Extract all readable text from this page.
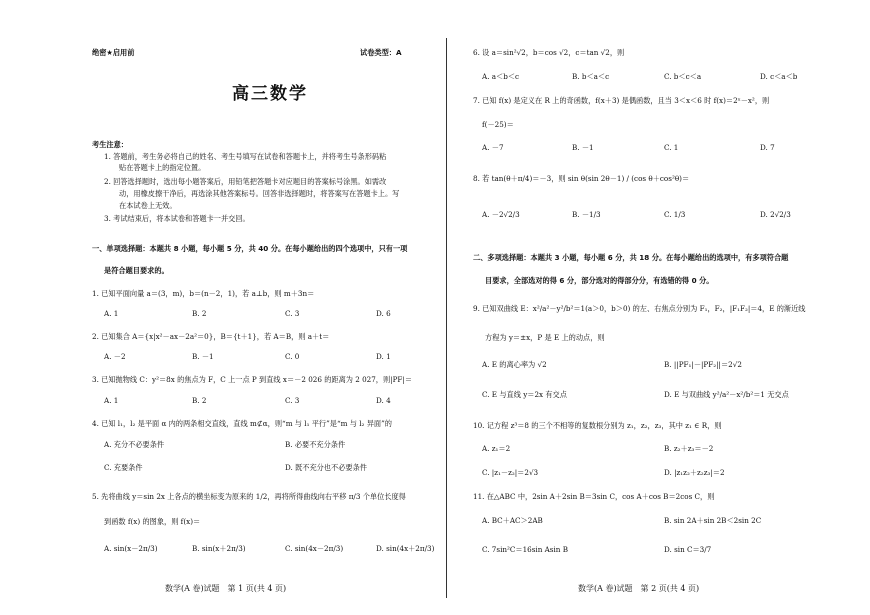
绝密★启用前	试卷类型：A
高三数学
考生注意：
1. 答题前，考生务必将自己的姓名、考生号填写在试卷和答题卡上，并将考生号条形码粘
贴在答题卡上的指定位置。
2. 回答选择题时，选出每小题答案后，用铅笔把答题卡对应题目的答案标号涂黑。如需改
动，用橡皮擦干净后，再选涂其他答案标号。回答非选择题时，将答案写在答题卡上。写
在本试卷上无效。
3. 考试结束后，将本试卷和答题卡一并交回。
一、单项选择题：本题共 8 小题，每小题 5 分，共 40 分。在每小题给出的四个选项中，只有一项
是符合题目要求的。
1. 已知平面向量 a＝(3，m)，b＝(n－2，1)，若 a⊥b，则 m＋3n＝
A. 1	B. 2	C. 3	D. 6
2. 已知集合 A＝{x|x²－ax－2a²＝0}，B＝{t＋1}，若 A＝B，则 a＋t＝
A. －2	B. －1	C. 0	D. 1
3. 已知抛物线 C：y²＝8x 的焦点为 F，C 上一点 P 到直线 x＝－2 026 的距离为 2 027，则|PF|＝
A. 1	B. 2	C. 3	D. 4
4. 已知 l₁，l₂ 是平面 α 内的两条相交直线，直线 m⊄α，则“m 与 l₁ 平行”是“m 与 l₂ 异面”的
A. 充分不必要条件	B. 必要不充分条件
C. 充要条件	D. 既不充分也不必要条件
5. 先将曲线 y＝sin 2x 上各点的横坐标变为原来的 1/2，再将所得曲线向右平移 π/3 个单位长度得
到函数 f(x) 的图象，则 f(x)＝
A. sin(x－2π/3)	B. sin(x＋2π/3)	C. sin(4x－2π/3)	D. sin(4x＋2π/3)
数学(A 卷)试题　第 1 页(共 4 页)
6. 设 a＝sin²√2，b＝cos √2，c＝tan √2，则
A. a＜b＜c	B. b＜a＜c	C. b＜c＜a	D. c＜a＜b
7. 已知 f(x) 是定义在 R 上的奇函数，f(x＋3) 是偶函数，且当 3＜x＜6 时 f(x)＝2ˣ－x²，则
f(－25)＝
A. －7	B. －1	C. 1	D. 7
8. 若 tan(θ＋π/4)＝－3，则 sin θ(sin 2θ－1) / (cos θ＋cos²θ)＝
A. －2√2/3	B. －1/3	C. 1/3	D. 2√2/3
二、多项选择题：本题共 3 小题，每小题 6 分，共 18 分。在每小题给出的选项中，有多项符合题
目要求，全部选对的得 6 分，部分选对的得部分分，有选错的得 0 分。
9. 已知双曲线 E：x²/a²－y²/b²＝1(a＞0，b＞0) 的左、右焦点分别为 F₁，F₂，|F₁F₂|＝4，E 的渐近线
方程为 y＝±x，P 是 E 上的动点，则
A. E 的离心率为 √2	B. ||PF₁|－|PF₂||＝2√2
C. E 与直线 y＝2x 有交点	D. E 与双曲线 y²/a²－x²/b²＝1 无交点
10. 记方程 z³＝8 的三个不相等的复数根分别为 z₁，z₂，z₃，其中 z₁ ∈ R，则
A. z₁＝2	B. z₂＋z₃＝－2
C. |z₁－z₂|＝2√3	D. |z₁z₂＋z₂z₃|＝2
11. 在△ABC 中，2sin A＋2sin B＝3sin C，cos A＋cos B＝2cos C，则
A. BC＋AC＞2AB	B. sin 2A＋sin 2B＜2sin 2C
C. 7sin²C＝16sin Asin B	D. sin C＝3/7
数学(A 卷)试题　第 2 页(共 4 页)
